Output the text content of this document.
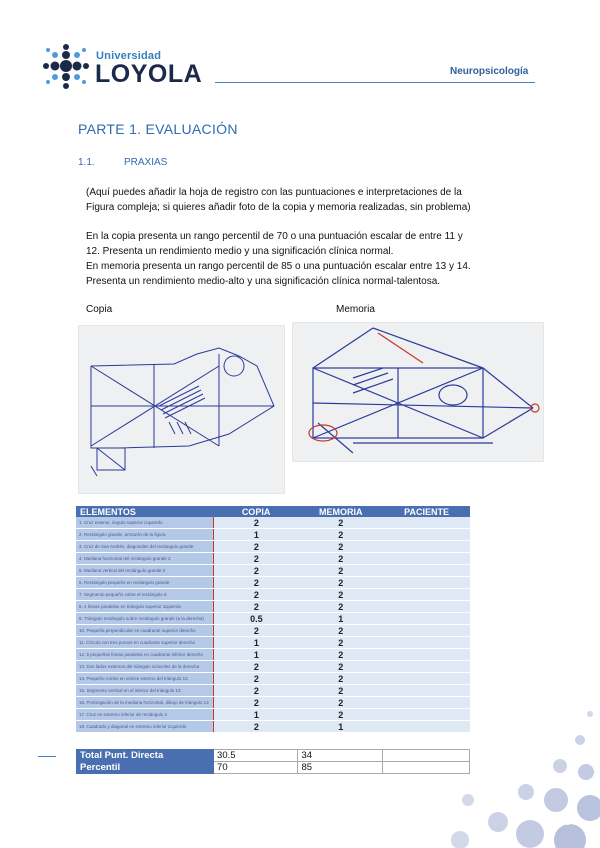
Universidad
LOYOLA	Neuropsicología
PARTE 1. EVALUACIÓN
1.1.	PRAXIAS
(Aquí puedes añadir la hoja de registro con las puntuaciones e interpretaciones de la
Figura compleja; si quieres añadir foto de la copia y memoria realizadas, sin problema)
En la copia presenta un rango percentil de 70 o una puntuación escalar de entre 11 y
12. Presenta un rendimiento medio y una significación clínica normal.
En memoria presenta un rango percentil de 85 o una puntuación escalar entre 13 y 14.
Presenta un rendimiento medio-alto y una significación clínica normal-talentosa.
Copia	Memoria
ELEMENTOS	COPIA	MEMORIA	PACIENTE
1. Cruz exterior, ángulo superior izquierdo	2	2	
2. Rectángulo grande, armazón de la figura	1	2	
3. Cruz de San Andrés, diagonales del rectángulo grande	2	2	
4. Mediana horizontal del rectángulo grande 2	2	2	
5. Mediana vertical del rectángulo grande 2	2	2	
6. Rectángulo pequeño en rectángulo grande	2	2	
7. Segmento pequeño sobre el rectángulo 6	2	2	
8. 4 líneas paralelas en triángulo superior izquierdo	2	2	
9. Triángulo rectángulo sobre rectángulo grande (a la derecha)	0.5	1	
10. Pequeña perpendicular en cuadrante superior derecho	2	2	
11. Círculo con tres puntos en cuadrante superior derecho	1	2	
12. 5 pequeñas líneas paralelas en cuadrante inferior derecho	1	2	
13. Dos lados externos del triángulo isósceles de la derecha	2	2	
14. Pequeño rombo en vértice externo del triángulo 13	2	2	
15. Segmento vertical en el interior del triángulo 13	2	2	
16. Prolongación de la mediana horizontal, dibujo de triángulo 13	2	2	
17. Cruz en extremo inferior de rectángulo 2	1	2	
18. Cuadrado y diagonal en extremo inferior izquierdo	2	1	
Total Punt. Directa	30.5	34	
Percentil	70	85	
2 /
